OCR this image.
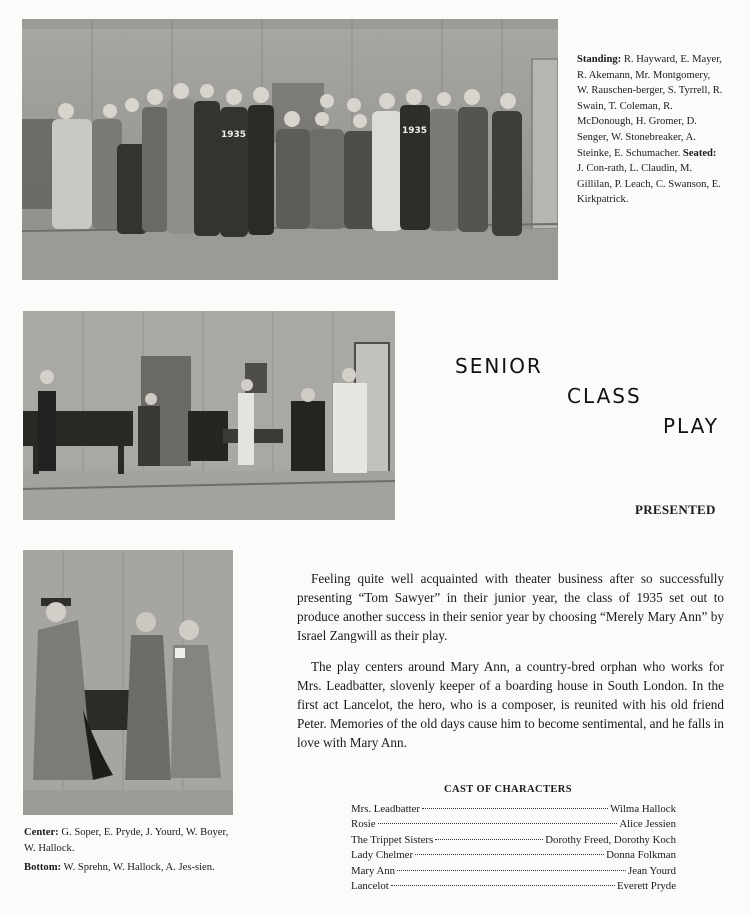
1935	1935
Standing: R. Hayward, E. Mayer, R. Akemann, Mr. Montgomery, W. Rauschen-berger, S. Tyrrell, R. Swain, T. Coleman, R. McDonough, H. Gromer, D. Senger, W. Stonebreaker, A. Steinke, E. Schumacher. Seated: J. Con-rath, L. Claudin, M. Gillilan, P. Leach, C. Swanson, E. Kirkpatrick.
SENIOR
CLASS
PLAY
PRESENTED
Center: G. Soper, E. Pryde, J. Yourd, W. Boyer, W. Hallock.
Bottom: W. Sprehn, W. Hallock, A. Jes-sien.

Feeling quite well acquainted with theater business after so successfully presenting “Tom Sawyer” in their junior year, the class of 1935 set out to produce another success in their senior year by choosing “Merely Mary Ann” by Israel Zangwill as their play.

The play centers around Mary Ann, a country-bred orphan who works for Mrs. Leadbatter, slovenly keeper of a boarding house in South London. In the first act Lancelot, the hero, who is a composer, is reunited with his old friend Peter. Memories of the old days cause him to become sentimental, and he falls in love with Mary Ann.

CAST OF CHARACTERS
Mrs. Leadbatter	Wilma Hallock
Rosie	Alice Jessien
The Trippet Sisters	Dorothy Freed, Dorothy Koch
Lady Chelmer	Donna Folkman
Mary Ann	Jean Yourd
Lancelot	Everett Pryde
